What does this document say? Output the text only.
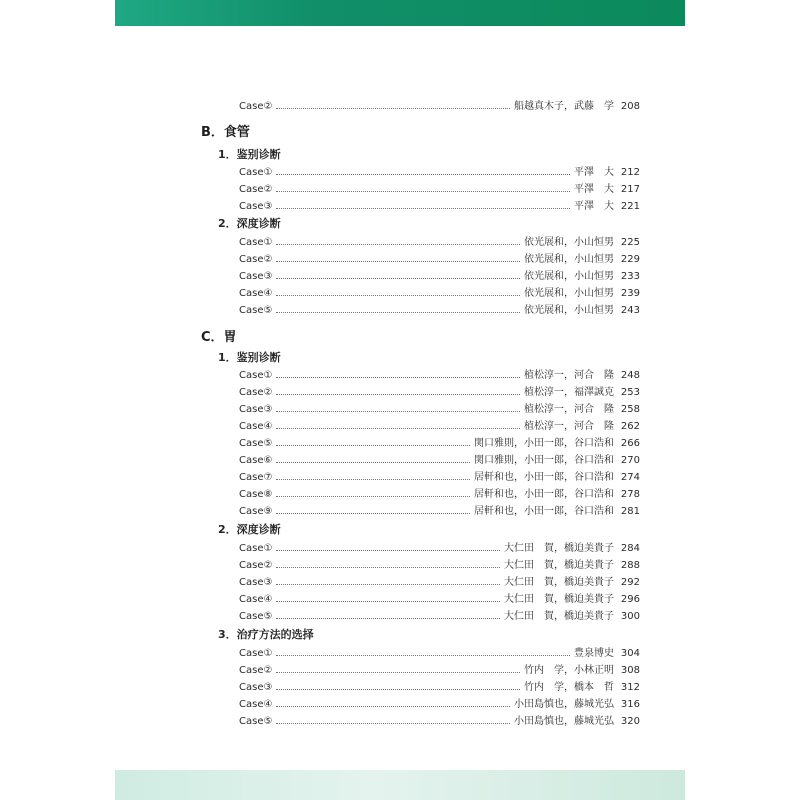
Case②	船越真木子，武藤　学 208
B．食管
1．鉴别诊断
Case①	平澤　大 212
Case②	平澤　大 217
Case③	平澤　大 221
2．深度诊断
Case①	依光展和，小山恒男 225
Case②	依光展和，小山恒男 229
Case③	依光展和，小山恒男 233
Case④	依光展和，小山恒男 239
Case⑤	依光展和，小山恒男 243
C．胃
1．鉴别诊断
Case①	植松淳一，河合　隆 248
Case②	植松淳一，福澤誠克 253
Case③	植松淳一，河合　隆 258
Case④	植松淳一，河合　隆 262
Case⑤	関口雅則，小田一郎，谷口浩和 266
Case⑥	関口雅則，小田一郎，谷口浩和 270
Case⑦	居軒和也，小田一郎，谷口浩和 274
Case⑧	居軒和也，小田一郎，谷口浩和 278
Case⑨	居軒和也，小田一郎，谷口浩和 281
2．深度诊断
Case①	大仁田　賀，橋迫美貴子 284
Case②	大仁田　賀，橋迫美貴子 288
Case③	大仁田　賀，橋迫美貴子 292
Case④	大仁田　賀，橋迫美貴子 296
Case⑤	大仁田　賀，橋迫美貴子 300
3．治疗方法的选择
Case①	豊泉博史 304
Case②	竹内　学，小林正明 308
Case③	竹内　学，橋本　哲 312
Case④	小田島慎也，藤城光弘 316
Case⑤	小田島慎也，藤城光弘 320
